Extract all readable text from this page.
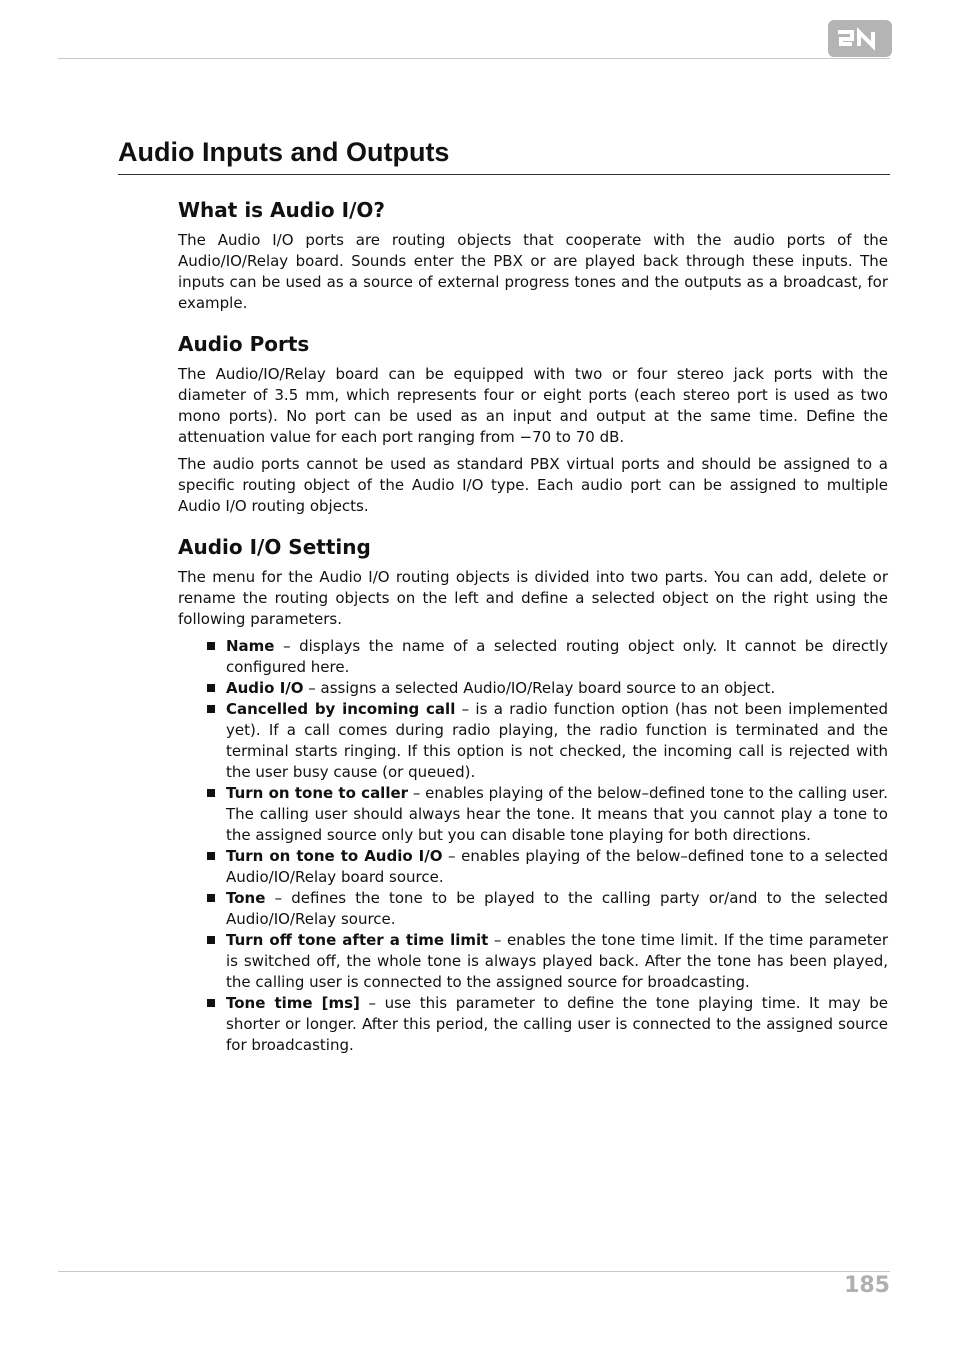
Audio Inputs and Outputs
What is Audio I/O?

The Audio I/O ports are routing objects that cooperate with the audio ports of the Audio/IO/Relay board. Sounds enter the PBX or are played back through these inputs. The inputs can be used as a source of external progress tones and the outputs as a broadcast, for example.

Audio Ports

The Audio/IO/Relay board can be equipped with two or four stereo jack ports with the diameter of 3.5 mm, which represents four or eight ports (each stereo port is used as two mono ports). No port can be used as an input and output at the same time. Define the attenuation value for each port ranging from −70 to 70 dB.

The audio ports cannot be used as standard PBX virtual ports and should be assigned to a specific routing object of the Audio I/O type. Each audio port can be assigned to multiple Audio I/O routing objects.

Audio I/O Setting

The menu for the Audio I/O routing objects is divided into two parts. You can add, delete or rename the routing objects on the left and define a selected object on the right using the following parameters.

Name – displays the name of a selected routing object only. It cannot be directly configured here.
Audio I/O – assigns a selected Audio/IO/Relay board source to an object.
Cancelled by incoming call – is a radio function option (has not been implemented yet). If a call comes during radio playing, the radio function is terminated and the terminal starts ringing. If this option is not checked, the incoming call is rejected with the user busy cause (or queued).
Turn on tone to caller – enables playing of the below–defined tone to the calling user. The calling user should always hear the tone. It means that you cannot play a tone to the assigned source only but you can disable tone playing for both directions.
Turn on tone to Audio I/O – enables playing of the below–defined tone to a selected Audio/IO/Relay board source.
Tone – defines the tone to be played to the calling party or/and to the selected Audio/IO/Relay source.
Turn off tone after a time limit – enables the tone time limit. If the time parameter is switched off, the whole tone is always played back. After the tone has been played, the calling user is connected to the assigned source for broadcasting.
Tone time [ms] – use this parameter to define the tone playing time. It may be shorter or longer. After this period, the calling user is connected to the assigned source for broadcasting.
185
